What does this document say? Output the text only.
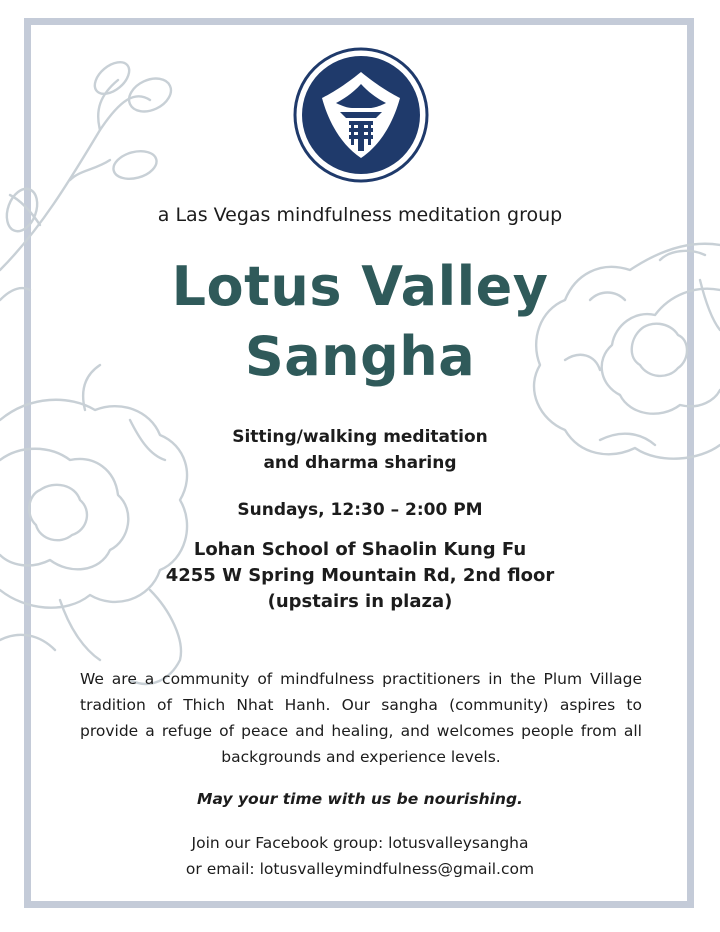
a Las Vegas mindfulness meditation group
Lotus Valley
Sangha
Sitting/walking meditation
and dharma sharing
Sundays, 12:30 – 2:00 PM
Lohan School of Shaolin Kung Fu
4255 W Spring Mountain Rd, 2nd floor
(upstairs in plaza)
We are a community of mindfulness practitioners in the Plum Village tradition of Thich Nhat Hanh. Our sangha (community) aspires to provide a refuge of peace and healing, and welcomes people from all backgrounds and experience levels.
May your time with us be nourishing.
Join our Facebook group: lotusvalleysangha
or email: lotusvalleymindfulness@gmail.com
